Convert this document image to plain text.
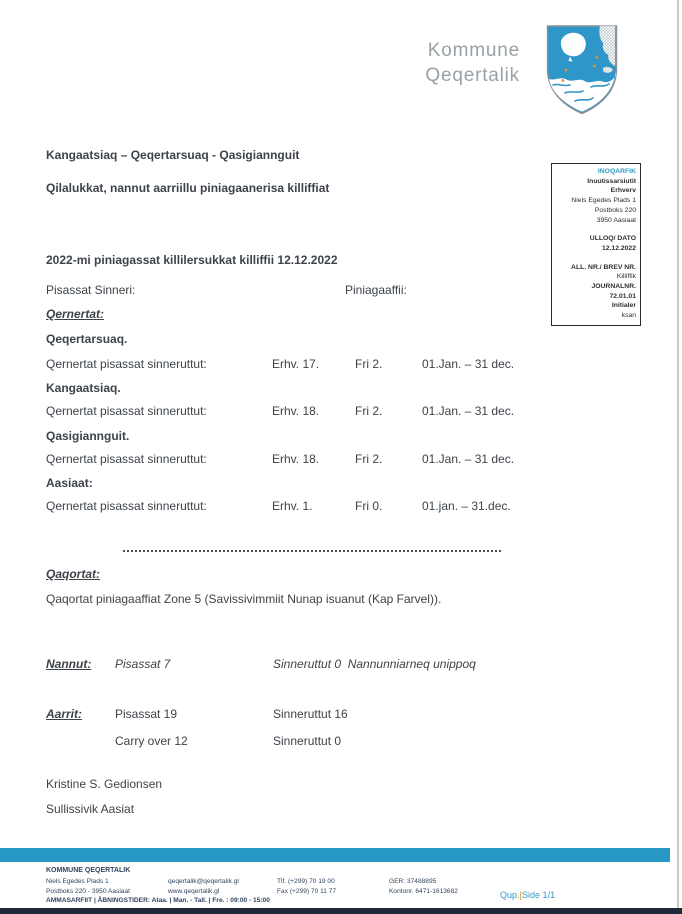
Kommune
Qeqertalik
INOQARFIK
Inuutissarsiutit
Erhverv
Niels Egedes Plads 1
Postboks 220
3950 Aasiaat
ULLOQ/ DATO
12.12.2022
ALL. NR./ BREV NR.
Killiffik
JOURNALNR.
72.01.01
Initialer
ksan
Kangaatsiaq – Qeqertarsuaq - Qasigiannguit
Qilalukkat, nannut aarriillu piniagaanerisa killiffiat
2022-mi piniagassat killilersukkat killiffii 12.12.2022
Pisassat Sinneri:	Piniagaaffii:
Qernertat:
Qeqertarsuaq.
Qernertat pisassat sinneruttut:	Erhv. 17.	Fri 2.	01.Jan. – 31 dec.
Kangaatsiaq.
Qernertat pisassat sinneruttut:	Erhv. 18.	Fri 2.	01.Jan. – 31 dec.
Qasigiannguit.
Qernertat pisassat sinneruttut:	Erhv. 18.	Fri 2.	01.Jan. – 31 dec.
Aasiaat:
Qernertat pisassat sinneruttut:	Erhv. 1.	Fri 0.	01.jan. – 31.dec.
Qaqortat:
Qaqortat piniagaaffiat Zone 5 (Savissivimmiit Nunap isuanut (Kap Farvel)).
Nannut: Pisassat 7	Sinneruttut 0  Nannunniarneq unippoq
Aarrit:	Pisassat 19	Sinneruttut 16
Carry over 12	Sinneruttut 0
Kristine S. Gedionsen
Sullissivik Aasiat
KOMMUNE QEQERTALIK
Niels Egedes Plads 1
Postboks 220 - 3950 Aasiaat
qeqertalik@qeqertalik.gl
www.qeqertalik.gl
Tlf. (+299) 70 19 00
Fax (+299) 70 11 77
GER: 37488895
Kontonr. 6471-1613682
AMMASARFIIT | ÅBNINGSTIDER: Ataa. | Man. - Tall. | Fre. : 09:00 - 15:00
Qup.|Side 1/1
